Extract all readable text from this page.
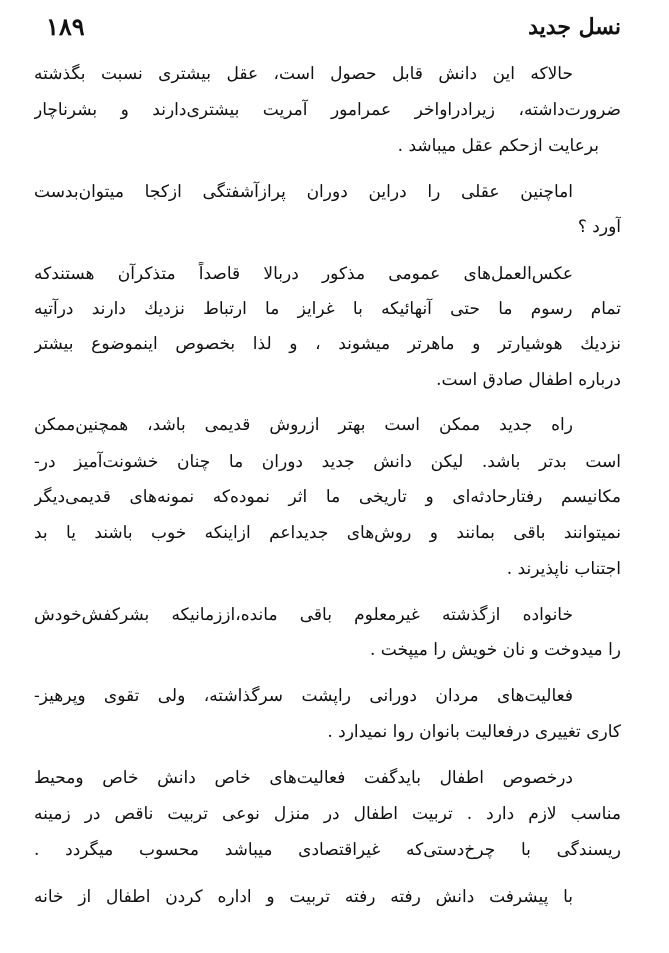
نسل جدید
۱۸۹
حالاکه این دانش قابل حصول است، عقل بیشتری نسبت بگذشته
ضرورت‌داشته، زیرادراواخر عمرامور آمریت بیشتری‌دارند و بشرناچار
برعایت ازحکم عقل میباشد .
اماچنین عقلی را دراین دوران پرازآشفتگی ازکجا میتوان‌بدست
آورد ؟
عکس‌العمل‌های عمومی مذکور دربالا قاصداً متذکرآن هستندکه
تمام رسوم ما حتی آنهائیکه با غرایز ما ارتباط نزدیك دارند درآتیه
نزدیك هوشیارتر و ماهرتر میشوند ، و لذا بخصوص اینموضوع بیشتر
درباره اطفال صادق است.
راه جدید ممکن است بهتر ازروش قدیمی باشد، همچنین‌ممکن
است بدتر باشد. لیکن دانش جدید دوران ما چنان خشونت‌آمیز در-
مکانیسم رفتارحادثه‌ای و تاریخی ما اثر نموده‌که نمونه‌های قدیمی‌دیگر
نمیتوانند باقی بمانند و روش‌های جدیداعم ازاینکه خوب باشند یا بد
اجتناب ناپذیرند .
خانواده ازگذشته غیرمعلوم باقی مانده،اززمانیکه بشرکفش‌خودش
را میدوخت و نان خویش را میپخت .
فعالیت‌های مردان دورانی راپشت سرگذاشته، ولی تقوی وپرهیز-
کاری تغییری درفعالیت بانوان روا نمیدارد .
درخصوص اطفال بایدگفت فعالیت‌های خاص دانش خاص ومحیط
مناسب لازم دارد . تربیت اطفال در منزل نوعی تربیت ناقص در زمینه
ریسندگی با چرخ‌دستی‌که غیراقتصادی میباشد محسوب میگردد .
با پیشرفت دانش رفته رفته تربیت و اداره کردن اطفال از خانه
